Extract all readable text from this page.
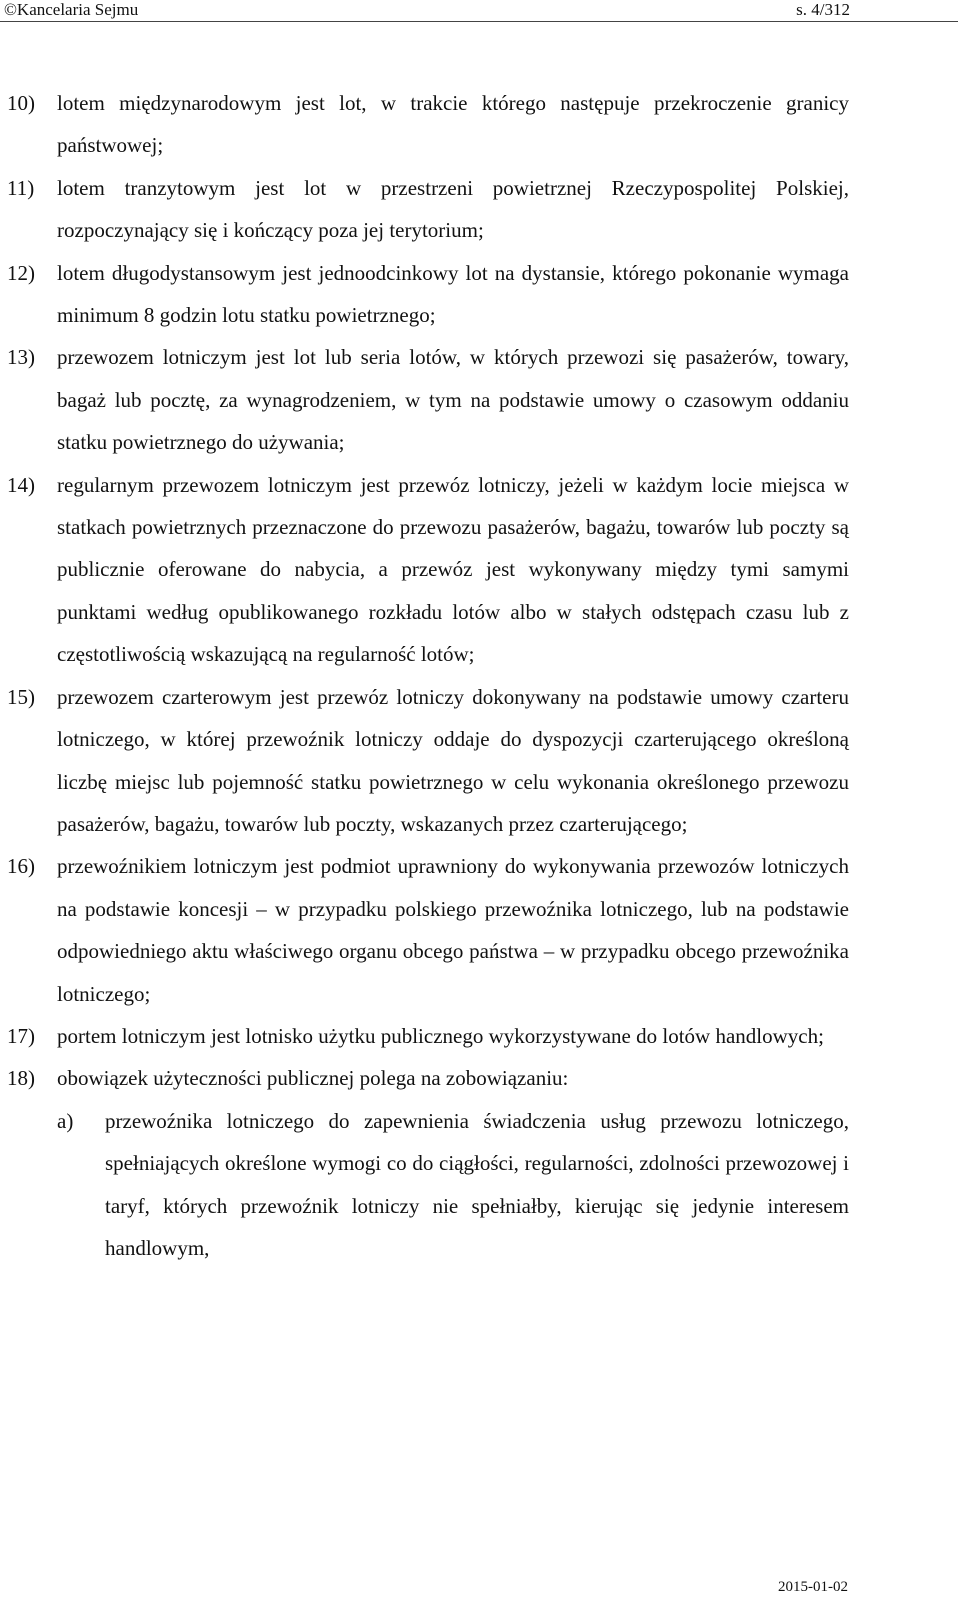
©Kancelaria Sejmu	s. 4/312
10) lotem międzynarodowym jest lot, w trakcie którego następuje przekroczenie granicy państwowej;
11) lotem tranzytowym jest lot w przestrzeni powietrznej Rzeczypospolitej Polskiej, rozpoczynający się i kończący poza jej terytorium;
12) lotem długodystansowym jest jednoodcinkowy lot na dystansie, którego pokonanie wymaga minimum 8 godzin lotu statku powietrznego;
13) przewozem lotniczym jest lot lub seria lotów, w których przewozi się pasażerów, towary, bagaż lub pocztę, za wynagrodzeniem, w tym na podstawie umowy o czasowym oddaniu statku powietrznego do używania;
14) regularnym przewozem lotniczym jest przewóz lotniczy, jeżeli w każdym locie miejsca w statkach powietrznych przeznaczone do przewozu pasażerów, bagażu, towarów lub poczty są publicznie oferowane do nabycia, a przewóz jest wykonywany między tymi samymi punktami według opublikowanego rozkładu lotów albo w stałych odstępach czasu lub z częstotliwością wskazującą na regularność lotów;
15) przewozem czarterowym jest przewóz lotniczy dokonywany na podstawie umowy czarteru lotniczego, w której przewoźnik lotniczy oddaje do dyspozycji czarterującego określoną liczbę miejsc lub pojemność statku powietrznego w celu wykonania określonego przewozu pasażerów, bagażu, towarów lub poczty, wskazanych przez czarterującego;
16) przewoźnikiem lotniczym jest podmiot uprawniony do wykonywania przewozów lotniczych na podstawie koncesji – w przypadku polskiego przewoźnika lotniczego, lub na podstawie odpowiedniego aktu właściwego organu obcego państwa – w przypadku obcego przewoźnika lotniczego;
17) portem lotniczym jest lotnisko użytku publicznego wykorzystywane do lotów handlowych;
18) obowiązek użyteczności publicznej polega na zobowiązaniu:
a) przewoźnika lotniczego do zapewnienia świadczenia usług przewozu lotniczego, spełniających określone wymogi co do ciągłości, regularności, zdolności przewozowej i taryf, których przewoźnik lotniczy nie spełniałby, kierując się jedynie interesem handlowym,
2015-01-02
